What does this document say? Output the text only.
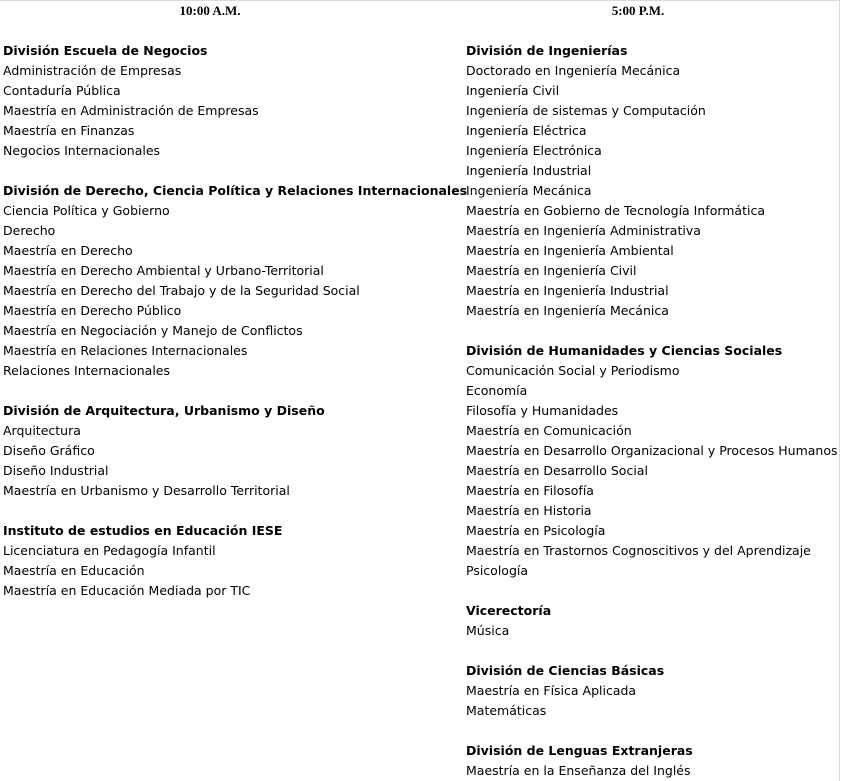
10:00 A.M.
División Escuela de Negocios
Administración de Empresas
Contaduría Pública
Maestría en Administración de Empresas
Maestría en Finanzas
Negocios Internacionales
División de Derecho, Ciencia Política y Relaciones Internacionales
Ciencia Política y Gobierno
Derecho
Maestría en Derecho
Maestría en Derecho Ambiental y Urbano-Territorial
Maestría en Derecho del Trabajo y de la Seguridad Social
Maestría en Derecho Público
Maestría en Negociación y Manejo de Conflictos
Maestría en Relaciones Internacionales
Relaciones Internacionales
División de Arquitectura, Urbanismo y Diseño
Arquitectura
Diseño Gráfico
Diseño Industrial
Maestría en Urbanismo y Desarrollo Territorial
Instituto de estudios en Educación IESE
Licenciatura en Pedagogía Infantil
Maestría en Educación
Maestría en Educación Mediada por TIC
5:00 P.M.
División de Ingenierías
Doctorado en Ingeniería Mecánica
Ingeniería Civil
Ingeniería de sistemas y Computación
Ingeniería Eléctrica
Ingeniería Electrónica
Ingeniería Industrial
Ingeniería Mecánica
Maestría en Gobierno de Tecnología Informática
Maestría en Ingeniería Administrativa
Maestría en Ingeniería Ambiental
Maestría en Ingeniería Civil
Maestría en Ingeniería Industrial
Maestría en Ingeniería Mecánica
División de Humanidades y Ciencias Sociales
Comunicación Social y Periodismo
Economía
Filosofía y Humanidades
Maestría en Comunicación
Maestría en Desarrollo Organizacional y Procesos Humanos
Maestría en Desarrollo Social
Maestría en Filosofía
Maestría en Historia
Maestría en Psicología
Maestría en Trastornos Cognoscitivos y del Aprendizaje
Psicología
Vicerectoría
Música
División de Ciencias Básicas
Maestría en Física Aplicada
Matemáticas
División de Lenguas Extranjeras
Maestría en la Enseñanza del Inglés
